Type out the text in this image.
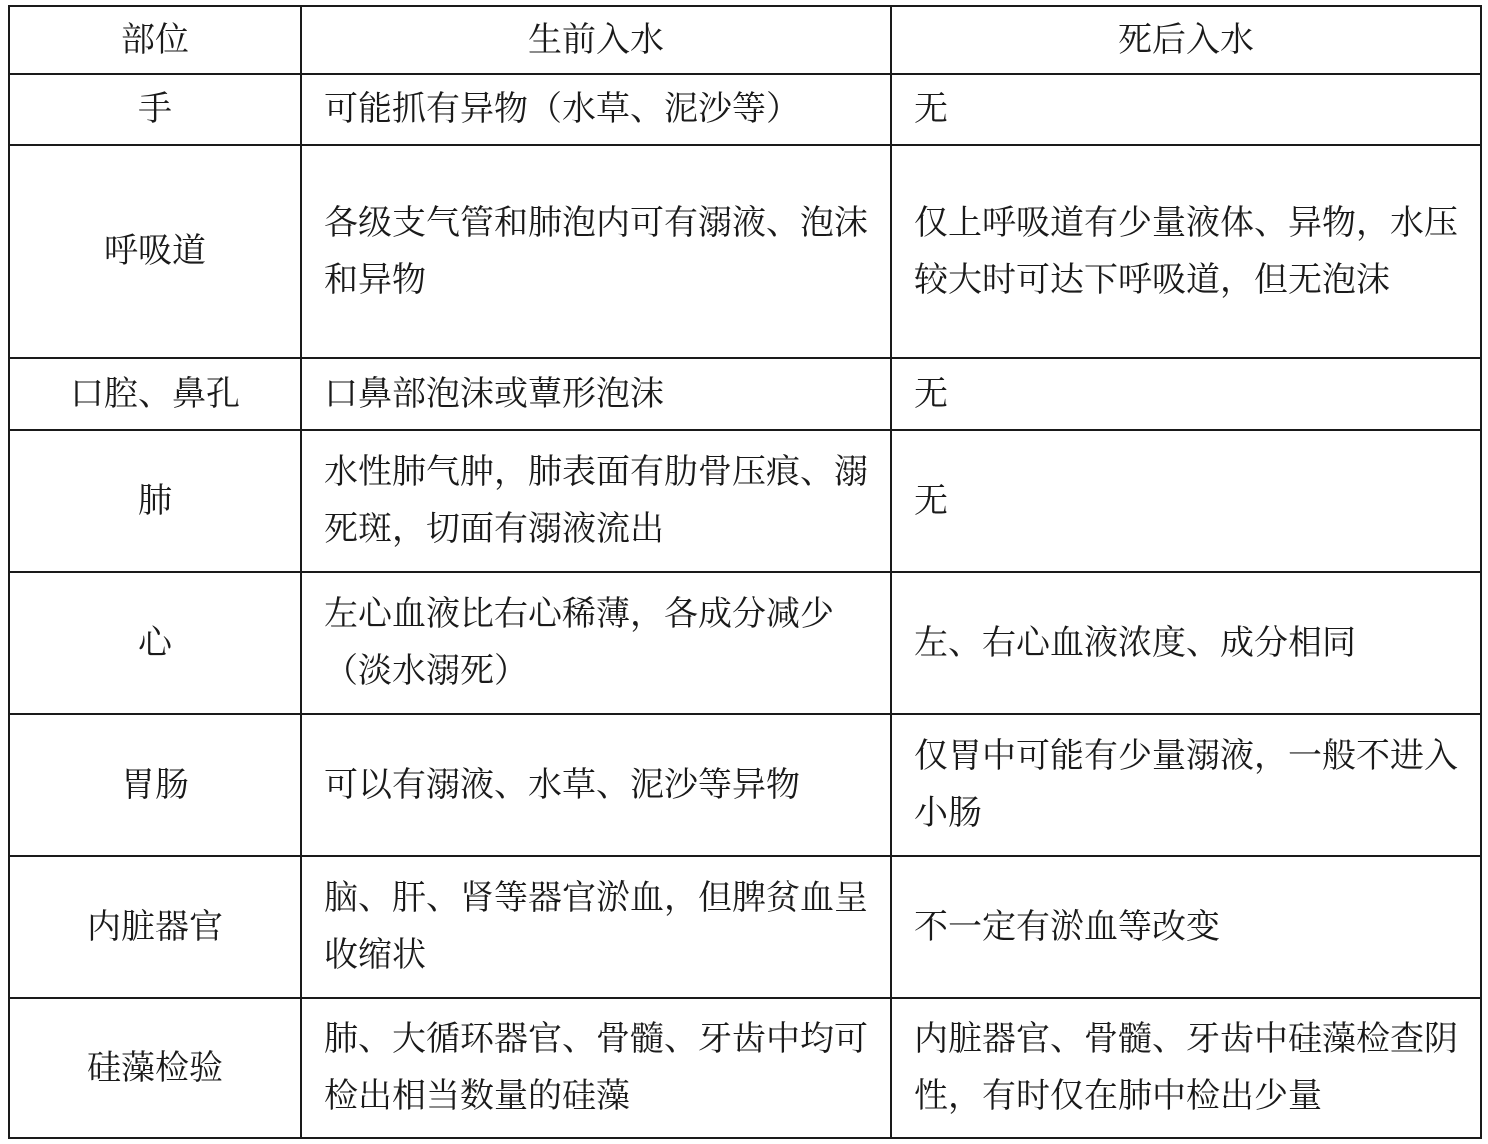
部位	生前入水	死后入水
手	可能抓有异物（水草、泥沙等）	无
呼吸道	各级支气管和肺泡内可有溺液、泡沫和异物	仅上呼吸道有少量液体、异物，水压较大时可达下呼吸道，但无泡沫
口腔、鼻孔	口鼻部泡沫或蕈形泡沫	无
肺	水性肺气肿，肺表面有肋骨压痕、溺死斑，切面有溺液流出	无
心	左心血液比右心稀薄，各成分减少（淡水溺死）	左、右心血液浓度、成分相同
胃肠	可以有溺液、水草、泥沙等异物	仅胃中可能有少量溺液，一般不进入小肠
内脏器官	脑、肝、肾等器官淤血，但脾贫血呈收缩状	不一定有淤血等改变
硅藻检验	肺、大循环器官、骨髓、牙齿中均可检出相当数量的硅藻	内脏器官、骨髓、牙齿中硅藻检查阴性，有时仅在肺中检出少量
